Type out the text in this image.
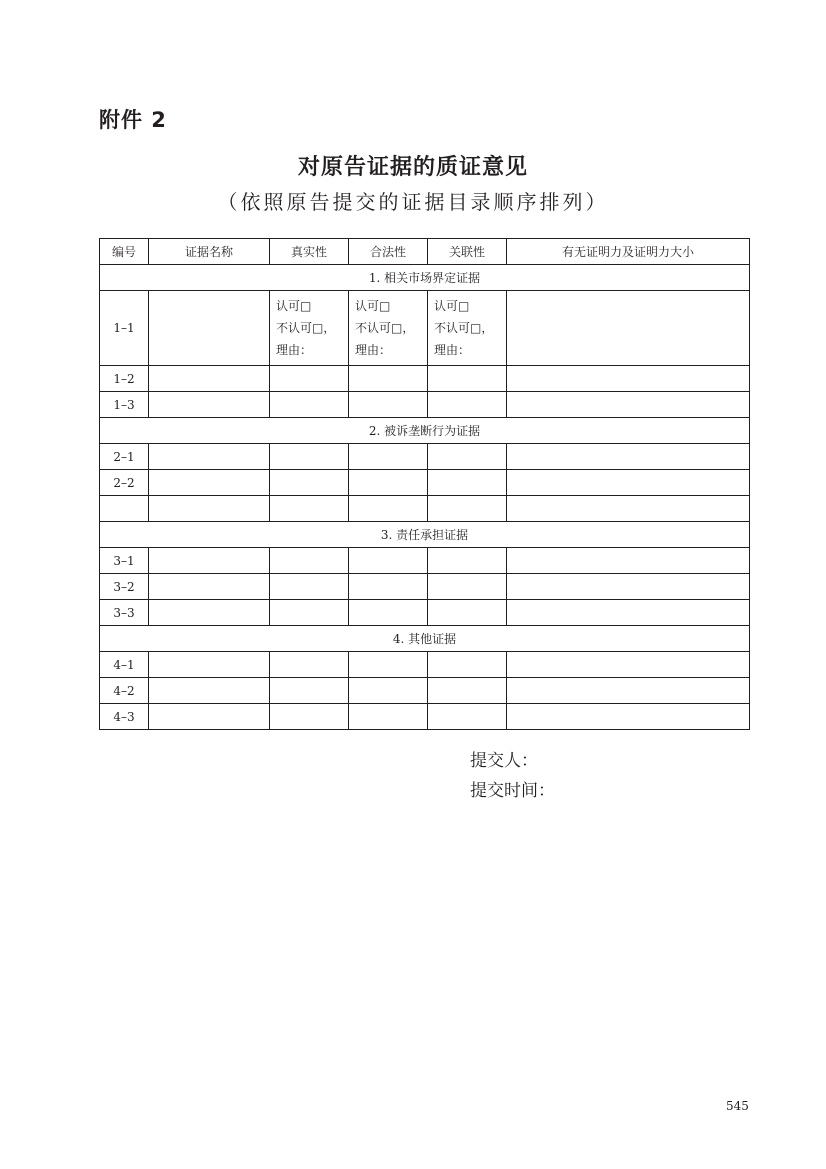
附件 2
对原告证据的质证意见
（依照原告提交的证据目录顺序排列）
编号	证据名称	真实性	合法性	关联性	有无证明力及证明力大小
1. 相关市场界定证据					
1–1		认可□
不认可□，
理由：	认可□
不认可□，
理由：	认可□
不认可□，
理由：	

1–2					
1–3					
2. 被诉垄断行为证据					
2–1					
2–2					

3. 责任承担证据					
3–1					
3–2					
3–3					
4. 其他证据					
4–1					
4–2					
4–3					
提交人：
提交时间：
545
